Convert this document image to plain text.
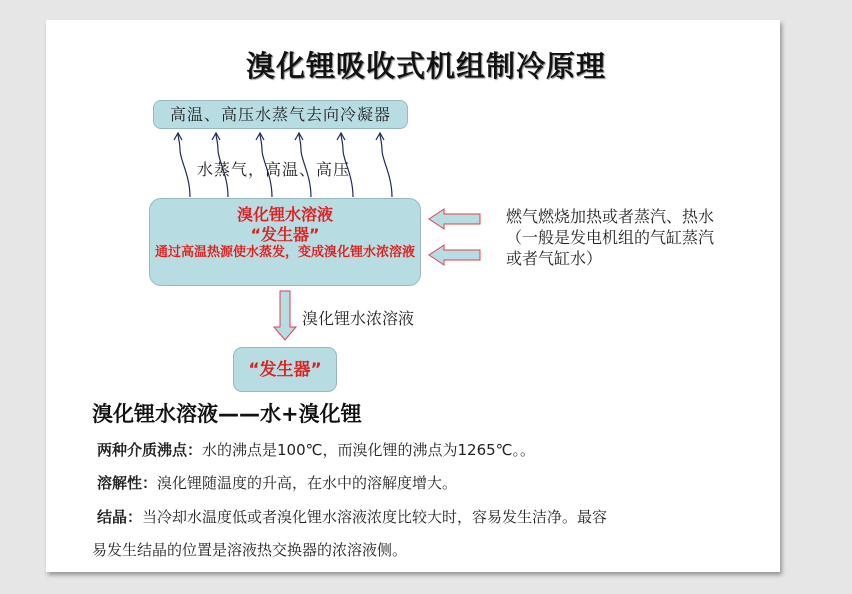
溴化锂吸收式机组制冷原理
高温、高压水蒸气去向冷凝器
水蒸气，高温、高压
溴化锂水溶液
“发生器”
通过高温热源使水蒸发，变成溴化锂水浓溶液
燃气燃烧加热或者蒸汽、热水
（一般是发电机组的气缸蒸汽
或者气缸水）
溴化锂水浓溶液
“发生器”
溴化锂水溶液——水+溴化锂
两种介质沸点：水的沸点是100℃，而溴化锂的沸点为1265℃。。
溶解性：溴化锂随温度的升高，在水中的溶解度增大。
结晶：当冷却水温度低或者溴化锂水溶液浓度比较大时，容易发生洁净。最容
易发生结晶的位置是溶液热交换器的浓溶液侧。
